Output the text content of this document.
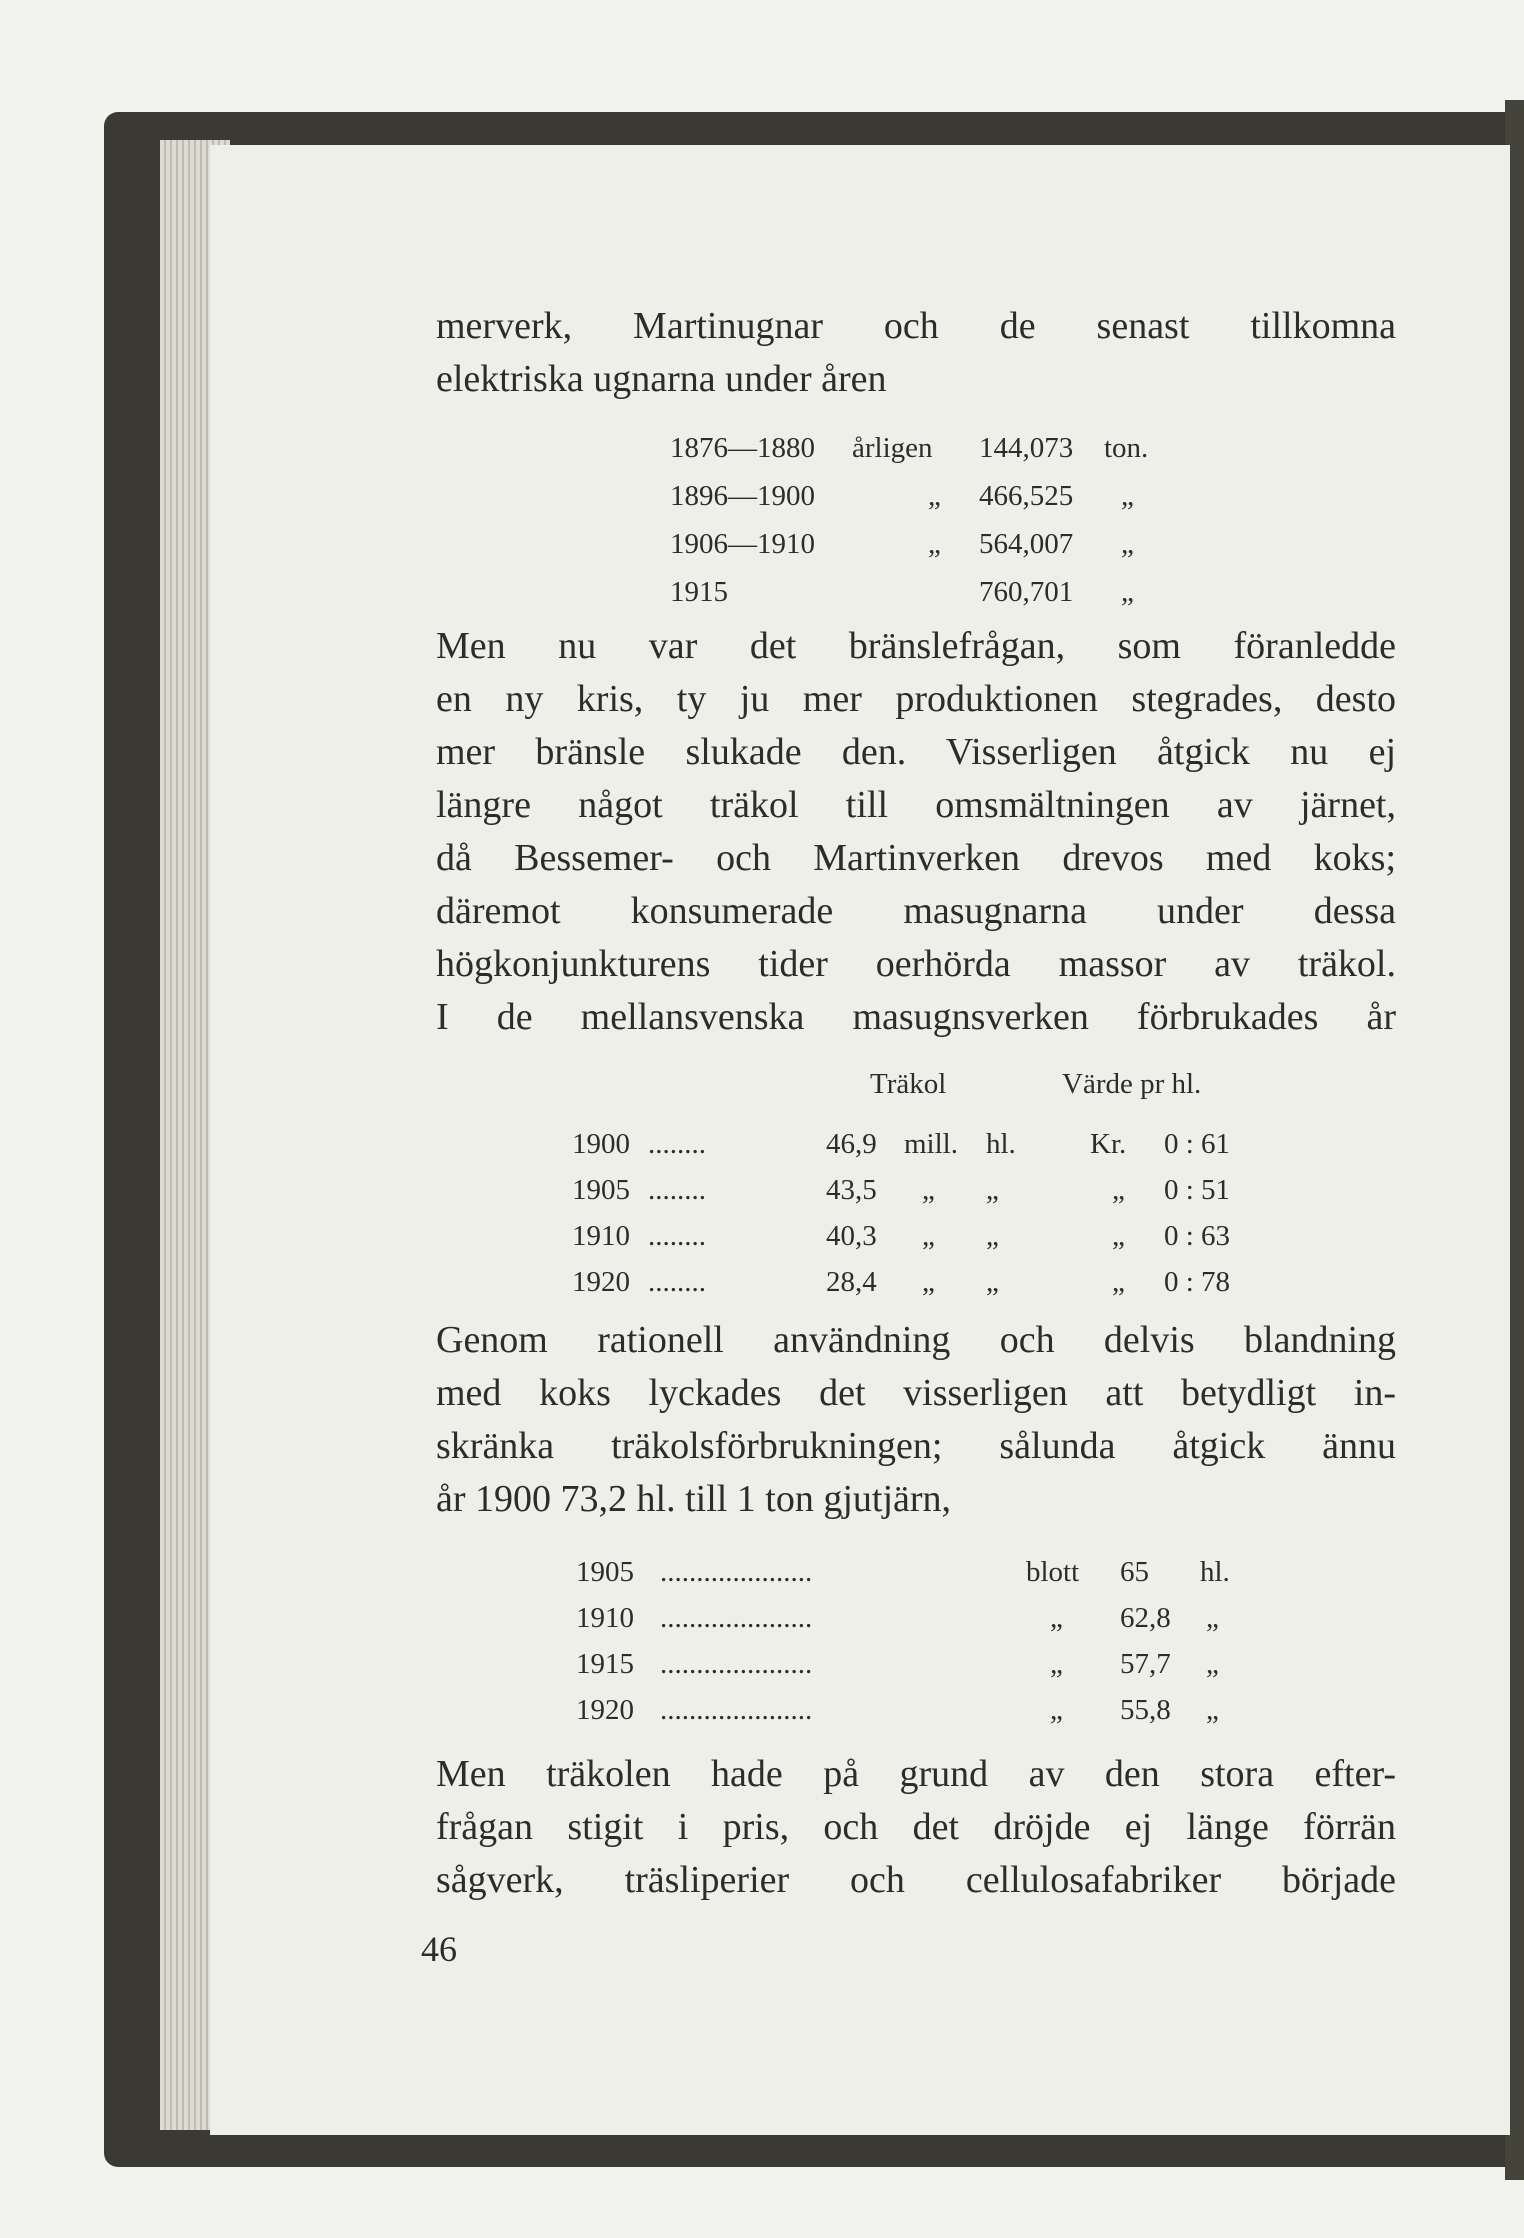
merverk, Martinugnar och de senast tillkomna
elektriska ugnarna under åren
1876—1880 årligen 144,073 ton.
1896—1900	„ 466,525 „
1906—1910	„ 564,007 „
1915	760,701 „
Men nu var det bränslefrågan, som föranledde
en ny kris, ty ju mer produktionen stegrades, desto
mer bränsle slukade den. Visserligen åtgick nu ej
längre något träkol till omsmältningen av järnet,
då Bessemer- och Martinverken drevos med koks;
däremot konsumerade masugnarna under dessa
högkonjunkturens tider oerhörda massor av träkol.
I de mellansvenska masugnsverken förbrukades år
Träkol	Värde pr hl.
1900 ........	46,9 mill. hl.	Kr. 0 : 61
1905 ........	43,5 „ „	„ 0 : 51
1910 ........	40,3 „ „	„ 0 : 63
1920 ........	28,4 „ „	„ 0 : 78
Genom rationell användning och delvis blandning
med koks lyckades det visserligen att betydligt in-
skränka träkolsförbrukningen; sålunda åtgick ännu
år 1900 73,2 hl. till 1 ton gjutjärn,
1905 .....................	blott 65 hl.
1910 .....................	„ 62,8 „
1915 .....................	„ 57,7 „
1920 .....................	„ 55,8 „
Men träkolen hade på grund av den stora efter-
frågan stigit i pris, och det dröjde ej länge förrän
sågverk, träsliperier och cellulosafabriker började
46
